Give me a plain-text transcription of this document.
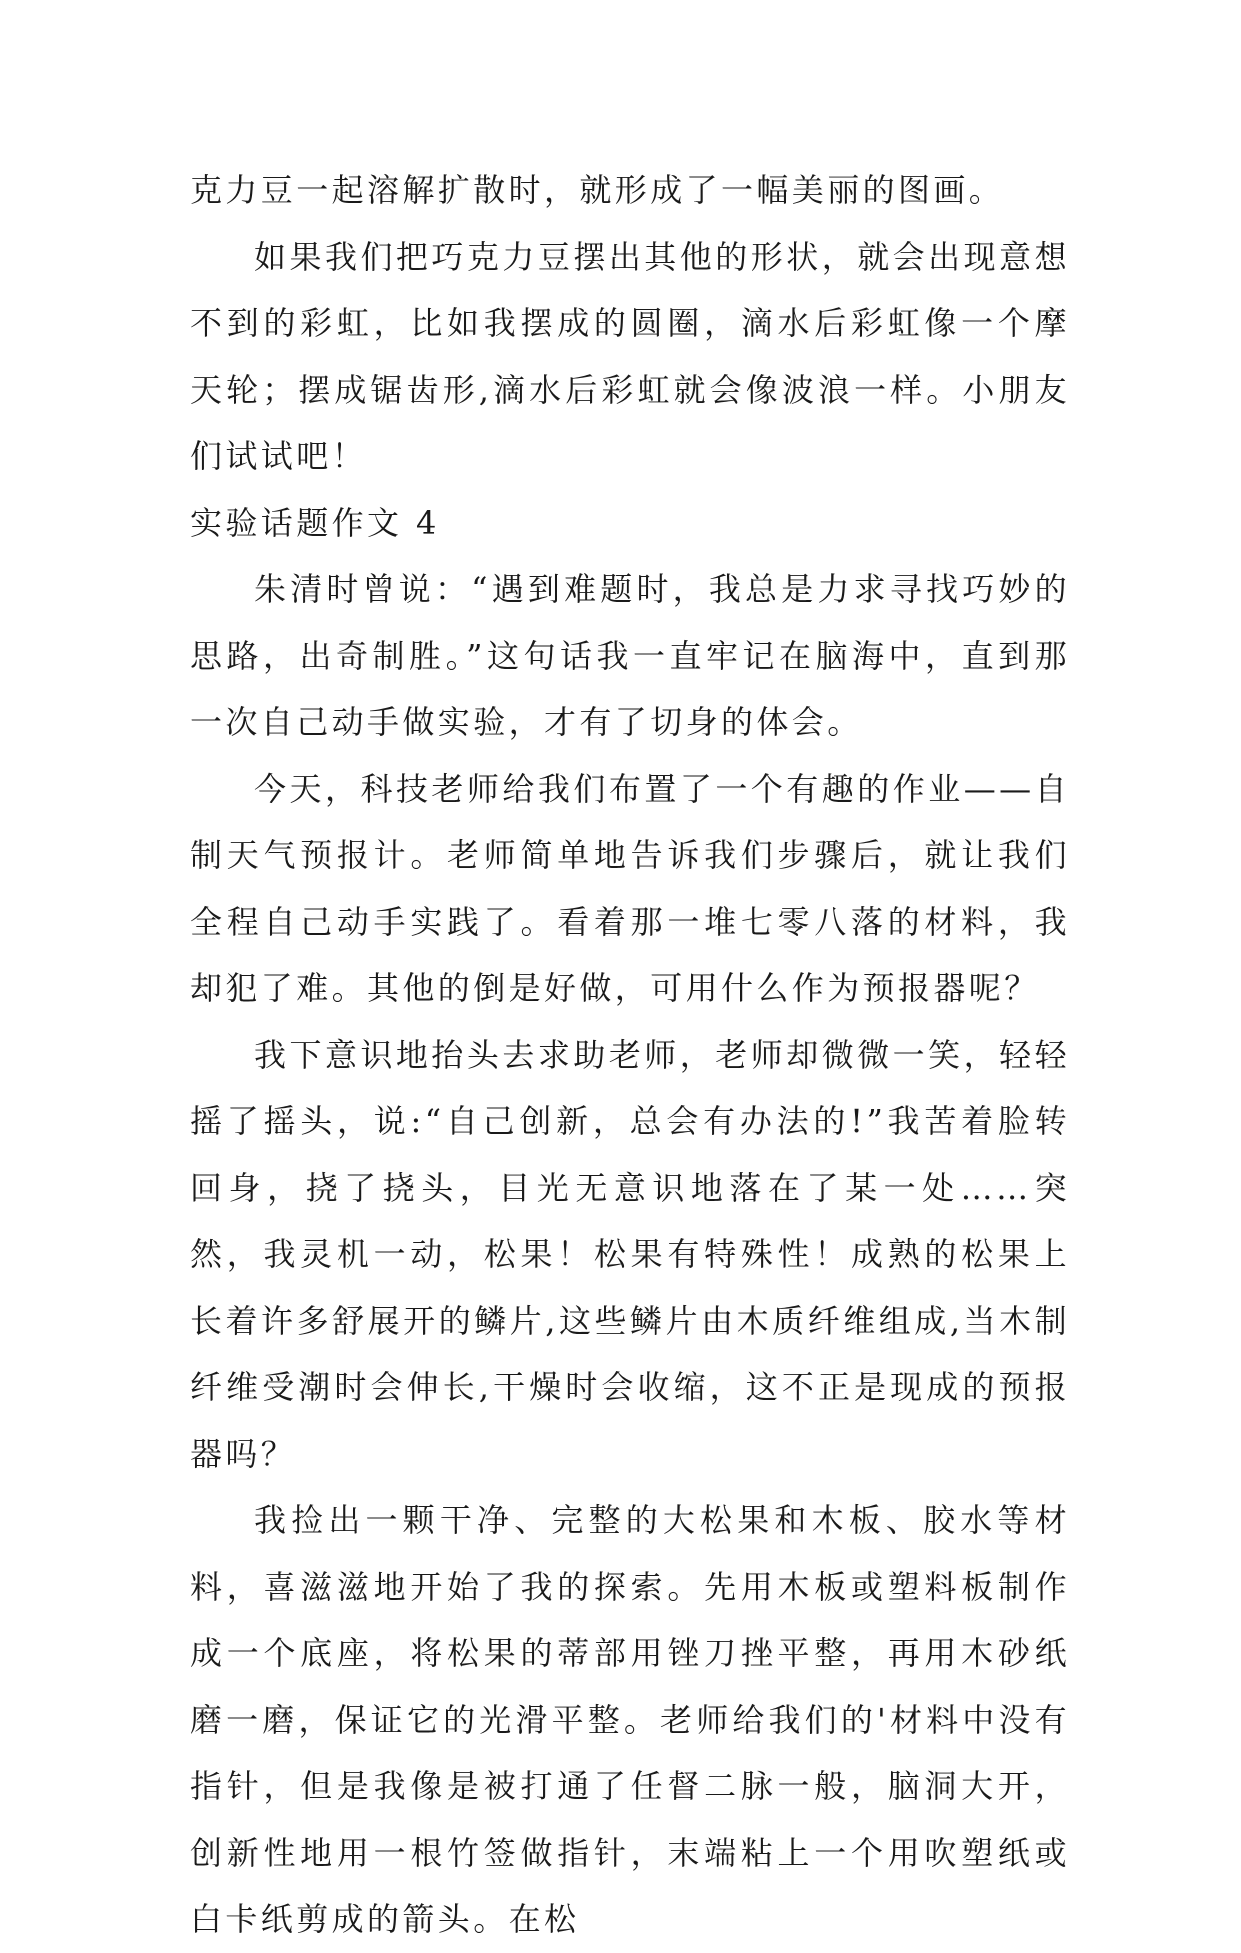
克力豆一起溶解扩散时，就形成了一幅美丽的图画。

如果我们把巧克力豆摆出其他的形状，就会出现意想不到的彩虹，比如我摆成的圆圈，滴水后彩虹像一个摩天轮；摆成锯齿形,滴水后彩虹就会像波浪一样。小朋友们试试吧！

实验话题作文 4

朱清时曾说：“遇到难题时，我总是力求寻找巧妙的思路，出奇制胜。”这句话我一直牢记在脑海中，直到那一次自己动手做实验，才有了切身的体会。

今天，科技老师给我们布置了一个有趣的作业——自制天气预报计。老师简单地告诉我们步骤后，就让我们全程自己动手实践了。看着那一堆七零八落的材料，我却犯了难。其他的倒是好做，可用什么作为预报器呢？

我下意识地抬头去求助老师，老师却微微一笑，轻轻摇了摇头，说:“自己创新，总会有办法的!”我苦着脸转回身，挠了挠头，目光无意识地落在了某一处……突然，我灵机一动，松果！松果有特殊性！成熟的松果上长着许多舒展开的鳞片,这些鳞片由木质纤维组成,当木制纤维受潮时会伸长,干燥时会收缩，这不正是现成的预报器吗？

我捡出一颗干净、完整的大松果和木板、胶水等材料，喜滋滋地开始了我的探索。先用木板或塑料板制作成一个底座，将松果的蒂部用锉刀挫平整，再用木砂纸磨一磨，保证它的光滑平整。老师给我们的'材料中没有指针，但是我像是被打通了任督二脉一般，脑洞大开，创新性地用一根竹签做指针，末端粘上一个用吹塑纸或白卡纸剪成的箭头。在松
